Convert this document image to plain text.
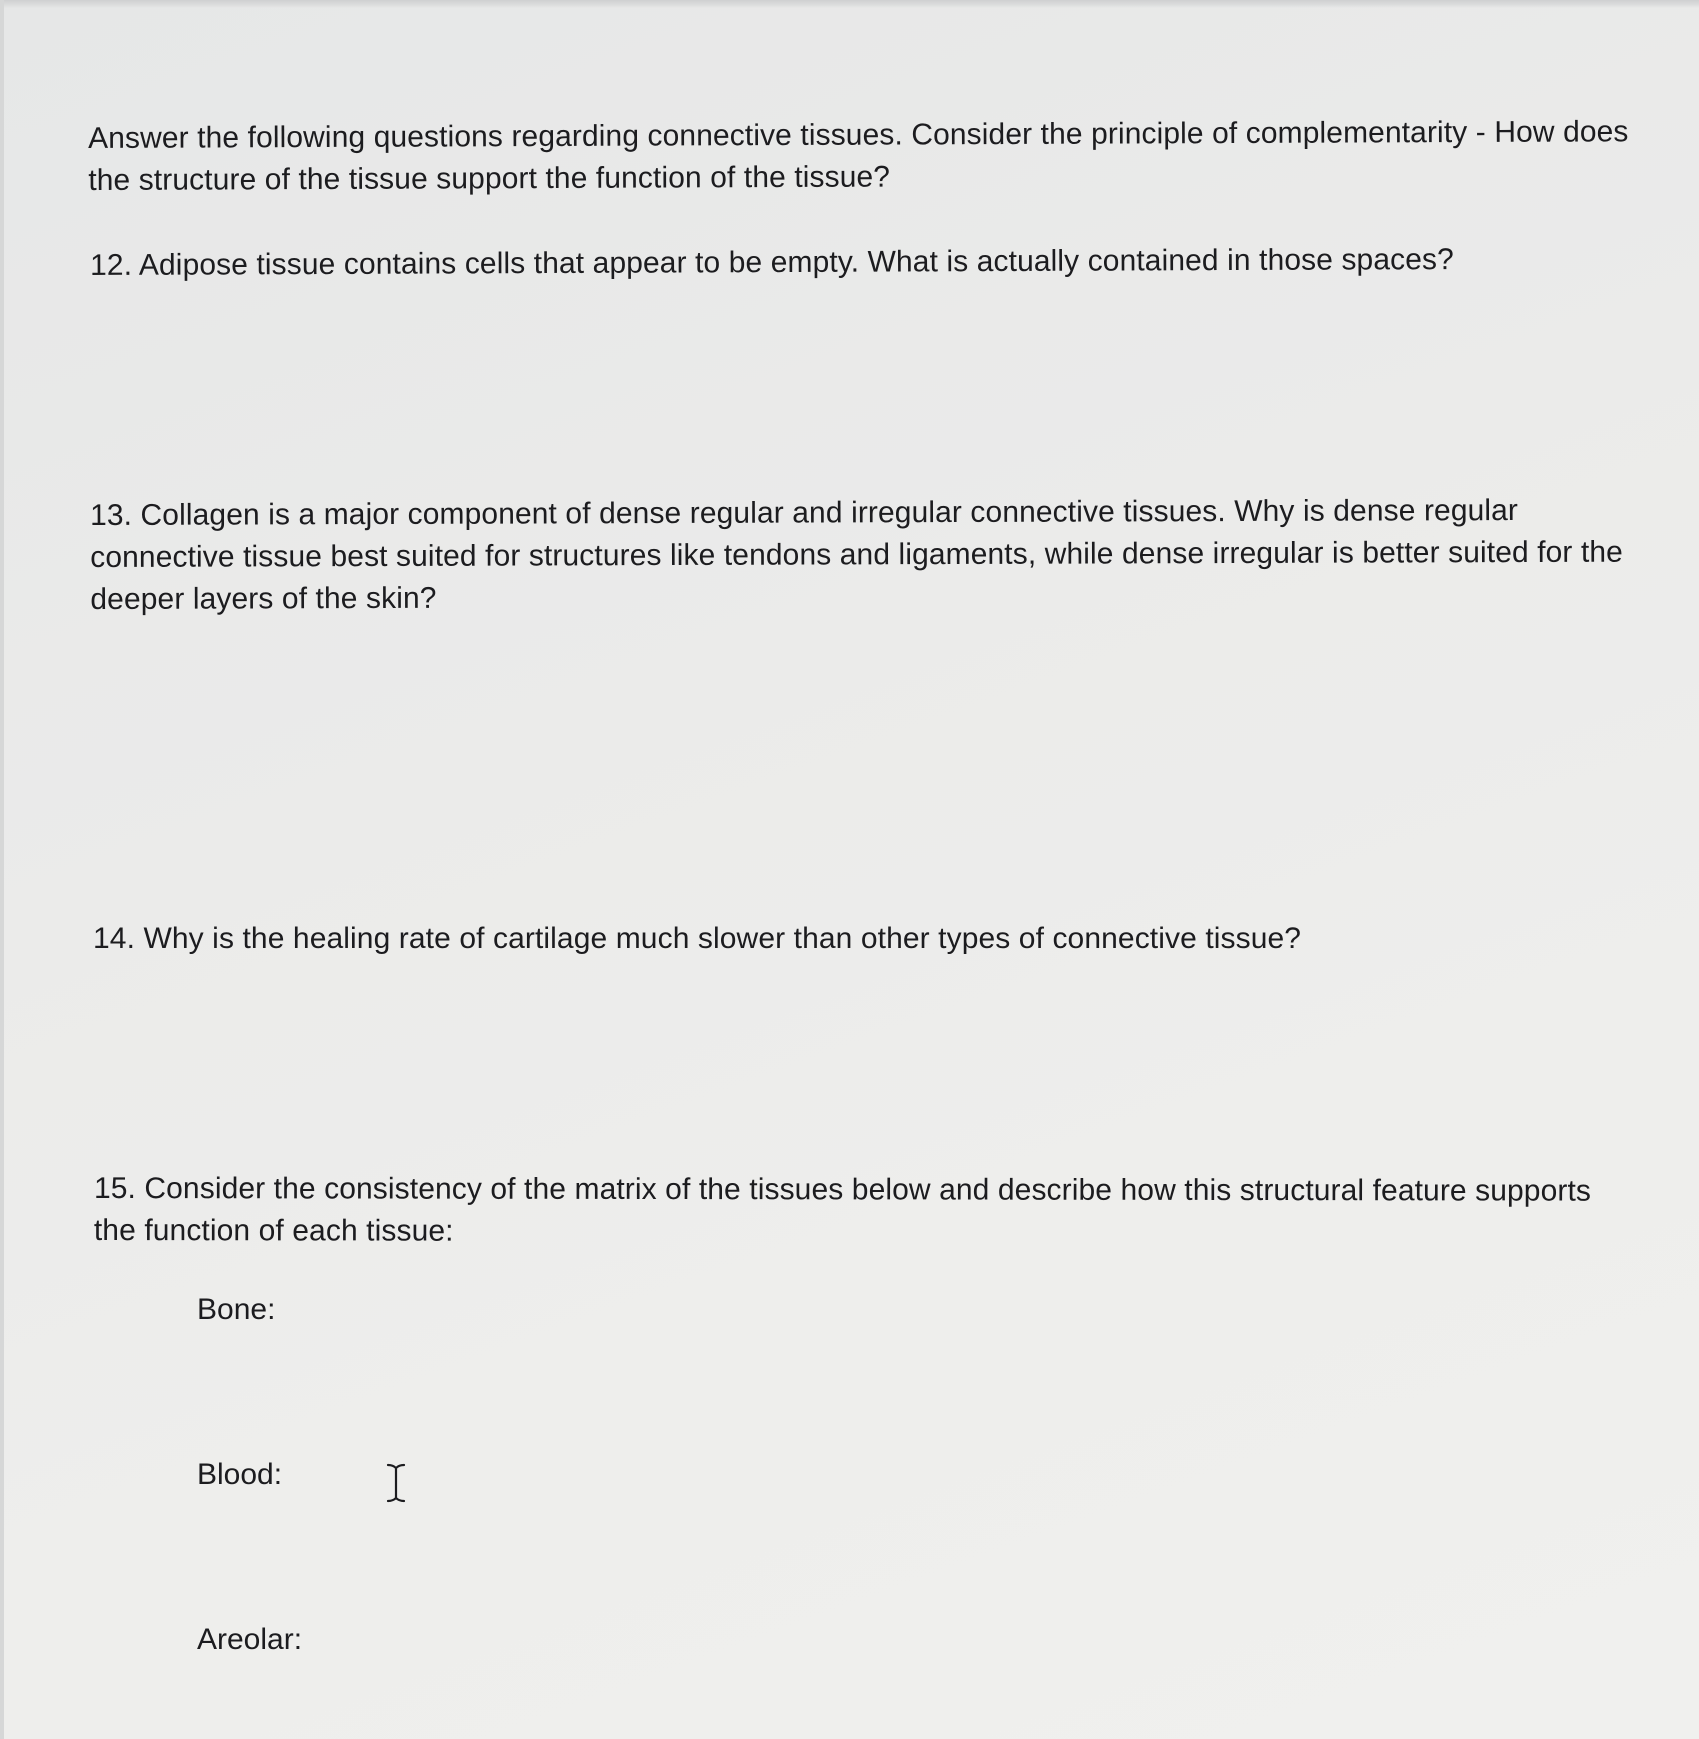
Answer the following questions regarding connective tissues. Consider the principle of complementarity - How does the structure of the tissue support the function of the tissue?

12. Adipose tissue contains cells that appear to be empty. What is actually contained in those spaces?

13. Collagen is a major component of dense regular and irregular connective tissues. Why is dense regular connective tissue best suited for structures like tendons and ligaments, while dense irregular is better suited for the deeper layers of the skin?

14. Why is the healing rate of cartilage much slower than other types of connective tissue?

15. Consider the consistency of the matrix of the tissues below and describe how this structural feature supports the function of each tissue:

Bone:

Blood:

Areolar:
